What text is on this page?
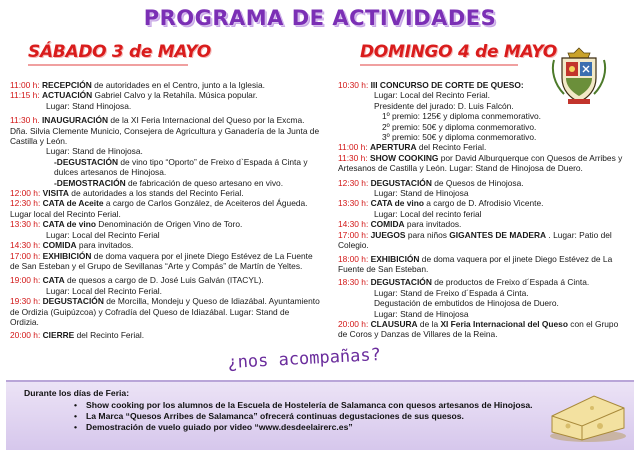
PROGRAMA DE ACTIVIDADES
SÁBADO 3 de MAYO	DOMINGO 4 de MAYO

11:00 h: RECEPCIÓN de autoridades en el Centro, junto a la Iglesia.

11:15 h: ACTUACIÓN Gabriel Calvo y la Retahíla. Música popular.

Lugar: Stand Hinojosa.

11:30 h. INAUGURACIÓN de la XI Feria Internacional del Queso por la Excma. Dña. Silvia Clemente Municio, Consejera de Agricultura y Ganadería de la Junta de Castilla y León.

Lugar: Stand de Hinojosa.

-DEGUSTACIÓN de vino tipo “Oporto” de Freixo d`Espada á Cinta y dulces artesanos de Hinojosa.

-DEMOSTRACIÓN de fabricación de queso artesano en vivo.

12:00 h: VISITA de autoridades a los stands del Recinto Ferial.

12:30 h: CATA de Aceite a cargo de Carlos González, de Aceiteros del Águeda. Lugar local del Recinto Ferial.

13:30 h: CATA de vino Denominación de Origen Vino de Toro.

Lugar: Local del Recinto Ferial

14:30 h: COMIDA para invitados.

17:00 h: EXHIBICIÓN de doma vaquera por el jinete Diego Estévez de La Fuente de San Esteban y el Grupo de Sevillanas “Arte y Compás” de Martín de Yeltes.

19:00 h: CATA de quesos a cargo de D. José Luis Galván (ITACYL).

Lugar: Local del Recinto Ferial.

19:30 h: DEGUSTACIÓN de Morcilla, Mondeju y Queso de Idiazábal. Ayuntamiento de Ordizia (Guipúzcoa) y Cofradía del Queso de Idiazábal. Lugar: Stand de Ordizia.

20:00 h: CIERRE del Recinto Ferial.

10:30 h: III CONCURSO DE CORTE DE QUESO:

Lugar: Local del Recinto Ferial.

Presidente del jurado: D. Luis Falcón.

1º premio: 125€ y diploma conmemorativo.

2º premio: 50€ y diploma conmemorativo.

3º premio: 50€ y diploma conmemorativo.

11:00 h: APERTURA del Recinto Ferial.

11:30 h: SHOW COOKING por David Alburquerque con Quesos de Arribes y Artesanos de Castilla y León. Lugar: Stand de Hinojosa de Duero.

12:30 h: DEGUSTACIÓN de Quesos de Hinojosa.

Lugar: Stand de Hinojosa

13:30 h: CATA de vino a cargo de D. Afrodisio Vicente.

Lugar: Local del recinto ferial

14:30 h: COMIDA para invitados.

17:00 h: JUEGOS para niños GIGANTES DE MADERA . Lugar: Patio del Colegio.

18:00 h: EXHIBICIÓN de doma vaquera por el jinete Diego Estévez de La Fuente de San Esteban.

18:30 h: DEGUSTACIÓN de productos de Freixo d´Espada á Cinta.

Lugar: Stand de Freixo d´Espada á Cinta.

Degustación de embutidos de Hinojosa de Duero.

Lugar: Stand de Hinojosa

20:00 h: CLAUSURA de la XI Feria Internacional del Queso con el Grupo de Coros y Danzas de Villares de la Reina.

¿nos acompañas?
Durante los días de Feria:
• Show cooking por los alumnos de la Escuela de Hostelería de Salamanca con quesos artesanos de Hinojosa.
• La Marca “Quesos Arribes de Salamanca” ofrecerá continuas degustaciones de sus quesos.
• Demostración de vuelo guiado por video “www.desdeelairerc.es”
